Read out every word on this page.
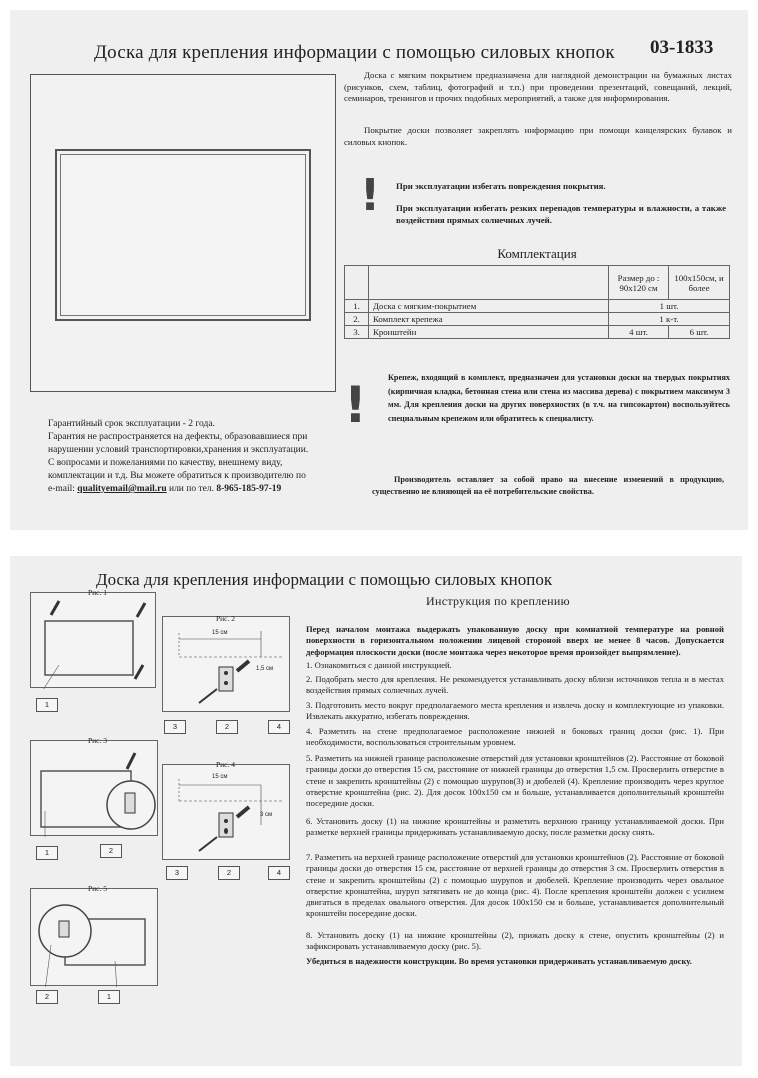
Доска для крепления информации с помощью силовых кнопок 03-1833
Доска с мягким покрытием предназначена для наглядной демонстрации на бумажных листах (рисунков, схем, таблиц, фотографий и т.п.) при проведении презентаций, совещаний, лекций, семинаров, тренингов и прочих подобных мероприятий, а также для информирования.
Покрытие доски позволяет закреплять информацию при помощи канцелярских булавок и силовых кнопок.
! При эксплуатации избегать повреждения покрытия.
При эксплуатации избегать резких перепадов температуры и влажности, а также воздействия прямых солнечных лучей.
Комплектация
		Размер до : 90х120 см	100х150см, и более
1.	Доска с мягким-покрытием	1 шт.	
2.	Комплект крепежа	1 к-т.	
3.	Кронштейн	4 шт.	6 шт.
!	Крепеж, входящий в комплект, предназначен для установки доски на твердых покрытиях (кирпичная кладка, бетонная стена или стена из массива дерева) с покрытием максимум 3 мм. Для крепления доски на других поверхностях (в т.ч. на гипсокартон) воспользуйтесь специальным крепежом или обратитесь к специалисту.
Гарантийный срок эксплуатации - 2 года.
Гарантия не распространяется на дефекты, образовавшиеся при нарушении условий транспортировки,хранения и эксплуатации.
С вопросами и пожеланиями по качеству, внешнему виду, комплектации и т.д. Вы можете обратиться к производителю по
e-mail: qualityemail@mail.ru или по тел. 8-965-185-97-19
Производитель оставляет за собой право на внесение изменений в продукцию, существенно не влияющей на её потребительские свойства.
Доска для крепления информации с помощью силовых кнопок
Инструкция по креплению
Рис. 1
1
Рис. 2
15 см
1,5 см
3	2	4
Рис. 3
1	2
Рис. 4
15 см
3 см
3	2	4
Рис. 5
2	1
Перед началом монтажа выдержать упакованную доску при комнатной температуре на ровной поверхности в горизонтальном положении лицевой стороной вверх не менее 8 часов. Допускается деформация плоскости доски (после монтажа через некоторое время произойдет выпрямление).
1. Ознакомиться с данной инструкцией.
2. Подобрать место для крепления. Не рекомендуется устанавливать доску вблизи источников тепла и в местах воздействия прямых солнечных лучей.
3. Подготовить место вокруг предполагаемого места крепления и извлечь доску и комплектующие из упаковки. Извлекать аккуратно, избегать повреждения.
4. Разметить на стене предполагаемое расположение нижней и боковых границ доски (рис. 1). При необходимости, воспользоваться строительным уровнем.
5. Разметить на нижней границе расположение отверстий для установки кронштейнов (2). Расстояние от боковой границы доски до отверстия 15 см, расстояние от нижней границы до отверстия 1,5 см. Просверлить отверстие в стене и закрепить кронштейны (2) с помощью шурупов(3) и дюбелей (4). Крепление производить через круглое отверстие кронштейна (рис. 2). Для досок 100x150 см и больше, устанавливается дополнительный кронштейн посередине доски.
6. Установить доску (1) на нижние кронштейны и разметить верхнюю границу устанавливаемой доски. При разметке верхней границы придерживать устанавливаемую доску, после разметки доску снять.
7. Разметить на верхней границе расположение отверстий для установки кронштейнов (2). Расстояние от боковой границы доски до отверстия 15 см, расстояние от верхней границы до отверстия 3 см. Просверлить отверстия в стене и закрепить кронштейны (2) с помощью шурупов и дюбелей. Крепление производить через овальное отверстие кронштейна, шуруп затягивать не до конца (рис. 4). После крепления кронштейн должен с усилием двигаться в пределах овального отверстия. Для досок 100x150 см и больше, устанавливается дополнительный кронштейн посередине доски.
8. Установить доску (1) на нижние кронштейны (2), прижать доску к стене, опустить кронштейны (2) и зафиксировать устанавливаемую доску (рис. 5).
Убедиться в надежности конструкции. Во время установки придерживать устанавливаемую доску.
